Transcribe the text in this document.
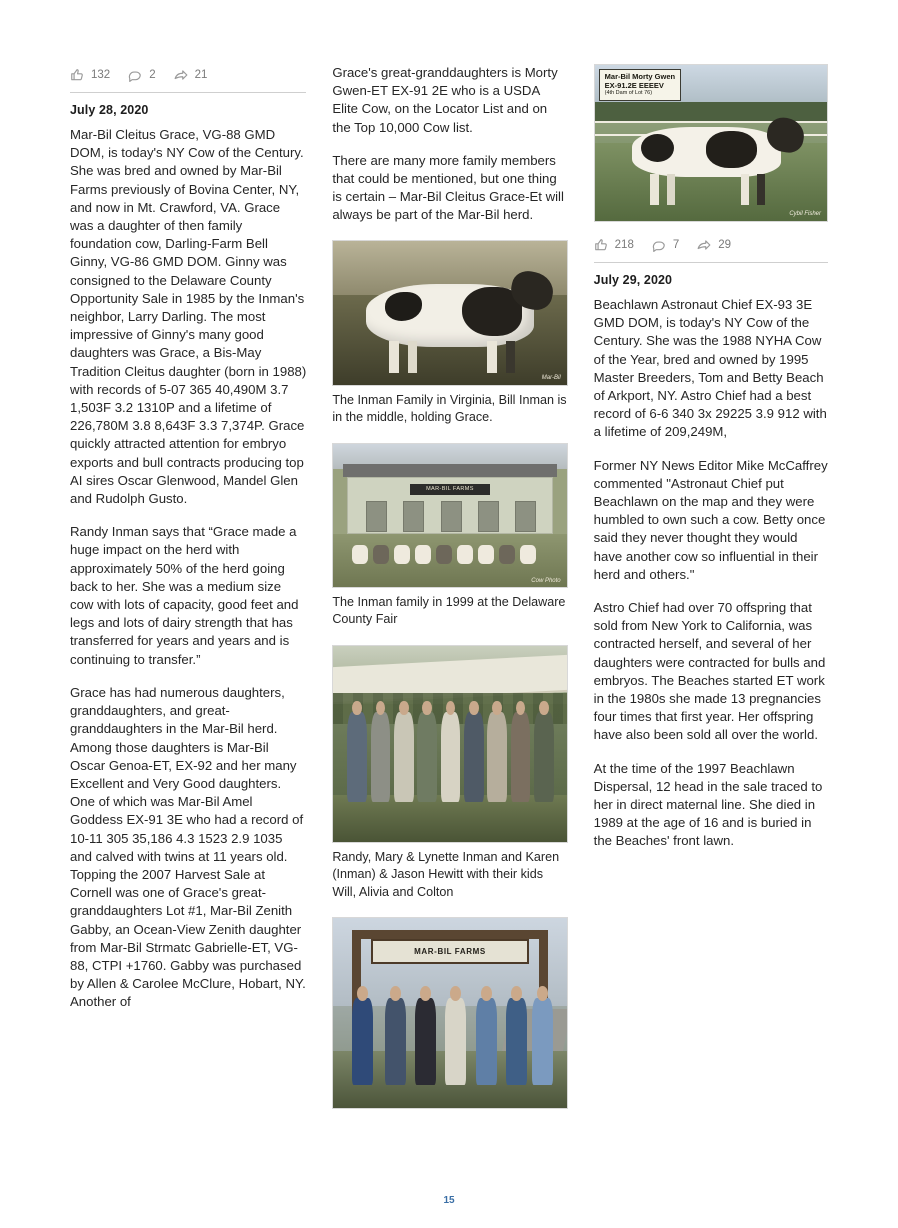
132	2	21
July 28, 2020

Mar-Bil Cleitus Grace, VG-88 GMD DOM, is today's NY Cow of the Century. She was bred and owned by Mar-Bil Farms previously of Bovina Center, NY, and now in Mt. Crawford, VA. Grace was a daughter of then family foundation cow, Darling-Farm Bell Ginny, VG-86 GMD DOM. Ginny was consigned to the Delaware County Opportunity Sale in 1985 by the Inman's neighbor, Larry Darling. The most impressive of Ginny's many good daughters was Grace, a Bis-May Tradition Cleitus daughter (born in 1988) with records of 5-07 365 40,490M 3.7 1,503F 3.2 1310P and a lifetime of 226,780M 3.8 8,643F 3.3 7,374P. Grace quickly attracted attention for embryo exports and bull contracts producing top AI sires Oscar Glenwood, Mandel Glen and Rudolph Gusto.

Randy Inman says that “Grace made a huge impact on the herd with approximately 50% of the herd going back to her. She was a medium size cow with lots of capacity, good feet and legs and lots of dairy strength that has transferred for years and years and is continuing to transfer.”

Grace has had numerous daughters, granddaughters, and great-granddaughters in the Mar-Bil herd. Among those daughters is Mar-Bil Oscar Genoa-ET, EX-92 and her many Excellent and Very Good daughters. One of which was Mar-Bil Amel Goddess EX-91 3E who had a record of 10-11 305 35,186 4.3 1523 2.9 1035 and calved with twins at 11 years old. Topping the 2007 Harvest Sale at Cornell was one of Grace's great-granddaughters Lot #1, Mar-Bil Zenith Gabby, an Ocean-View Zenith daughter from Mar-Bil Strmatc Gabrielle-ET, VG-88, CTPI +1760. Gabby was purchased by Allen & Carolee McClure, Hobart, NY. Another of

Grace's great-granddaughters is Morty Gwen-ET EX-91 2E who is a USDA Elite Cow, on the Locator List and on the Top 10,000 Cow list.

There are many more family members that could be mentioned, but one thing is certain – Mar-Bil Cleitus Grace-Et will always be part of the Mar-Bil herd.

Mar-Bil
The Inman Family in Virginia, Bill Inman is in the middle, holding Grace.
MAR-BIL FARMS
Cow Photo
The Inman family in 1999 at the Delaware County Fair
Randy, Mary & Lynette Inman and Karen (Inman) & Jason Hewitt with their kids Will, Alivia and Colton
MAR-BIL FARMS
Mar-Bil Morty Gwen
EX-91.2E EEEEV
(4th Dam of Lot 76)
Cybil Fisher
218	7	29
July 29, 2020

Beachlawn Astronaut Chief EX-93 3E GMD DOM, is today's NY Cow of the Century. She was the 1988 NYHA Cow of the Year, bred and owned by 1995 Master Breeders, Tom and Betty Beach of Arkport, NY. Astro Chief had a best record of 6-6 340 3x 29225 3.9 912 with a lifetime of 209,249M,

Former NY News Editor Mike McCaffrey commented "Astronaut Chief put Beachlawn on the map and they were humbled to own such a cow. Betty once said they never thought they would have another cow so influential in their herd and others."

Astro Chief had over 70 offspring that sold from New York to California, was contracted herself, and several of her daughters were contracted for bulls and embryos. The Beaches started ET work in the 1980s she made 13 pregnancies four times that first year. Her offspring have also been sold all over the world.

At the time of the 1997 Beachlawn Dispersal, 12 head in the sale traced to her in direct maternal line. She died in 1989 at the age of 16 and is buried in the Beaches' front lawn.

15
